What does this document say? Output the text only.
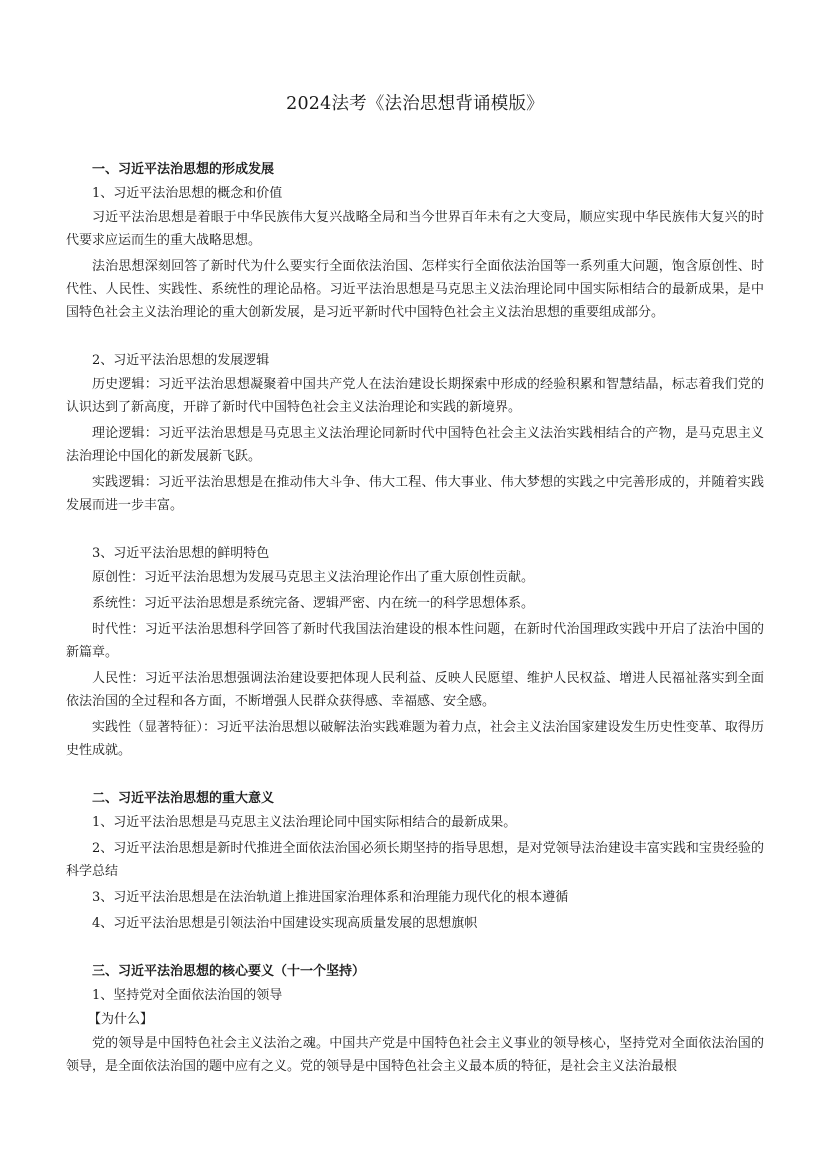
2024法考《法治思想背诵模版》

一、习近平法治思想的形成发展

1、习近平法治思想的概念和价值

习近平法治思想是着眼于中华民族伟大复兴战略全局和当今世界百年未有之大变局，顺应实现中华民族伟大复兴的时代要求应运而生的重大战略思想。

法治思想深刻回答了新时代为什么要实行全面依法治国、怎样实行全面依法治国等一系列重大问题，饱含原创性、时代性、人民性、实践性、系统性的理论品格。习近平法治思想是马克思主义法治理论同中国实际相结合的最新成果，是中国特色社会主义法治理论的重大创新发展，是习近平新时代中国特色社会主义法治思想的重要组成部分。

2、习近平法治思想的发展逻辑

历史逻辑：习近平法治思想凝聚着中国共产党人在法治建设长期探索中形成的经验积累和智慧结晶，标志着我们党的认识达到了新高度，开辟了新时代中国特色社会主义法治理论和实践的新境界。

理论逻辑：习近平法治思想是马克思主义法治理论同新时代中国特色社会主义法治实践相结合的产物，是马克思主义法治理论中国化的新发展新飞跃。

实践逻辑：习近平法治思想是在推动伟大斗争、伟大工程、伟大事业、伟大梦想的实践之中完善形成的，并随着实践发展而进一步丰富。

3、习近平法治思想的鲜明特色

原创性：习近平法治思想为发展马克思主义法治理论作出了重大原创性贡献。

系统性：习近平法治思想是系统完备、逻辑严密、内在统一的科学思想体系。

时代性：习近平法治思想科学回答了新时代我国法治建设的根本性问题，在新时代治国理政实践中开启了法治中国的新篇章。

人民性：习近平法治思想强调法治建设要把体现人民利益、反映人民愿望、维护人民权益、增进人民福祉落实到全面依法治国的全过程和各方面，不断增强人民群众获得感、幸福感、安全感。

实践性（显著特征）：习近平法治思想以破解法治实践难题为着力点，社会主义法治国家建设发生历史性变革、取得历史性成就。

二、习近平法治思想的重大意义

1、习近平法治思想是马克思主义法治理论同中国实际相结合的最新成果。

2、习近平法治思想是新时代推进全面依法治国必须长期坚持的指导思想，是对党领导法治建设丰富实践和宝贵经验的科学总结

3、习近平法治思想是在法治轨道上推进国家治理体系和治理能力现代化的根本遵循

4、习近平法治思想是引领法治中国建设实现高质量发展的思想旗帜

三、习近平法治思想的核心要义（十一个坚持）

1、坚持党对全面依法治国的领导

【为什么】

党的领导是中国特色社会主义法治之魂。中国共产党是中国特色社会主义事业的领导核心，坚持党对全面依法治国的领导，是全面依法治国的题中应有之义。党的领导是中国特色社会主义最本质的特征，是社会主义法治最根
